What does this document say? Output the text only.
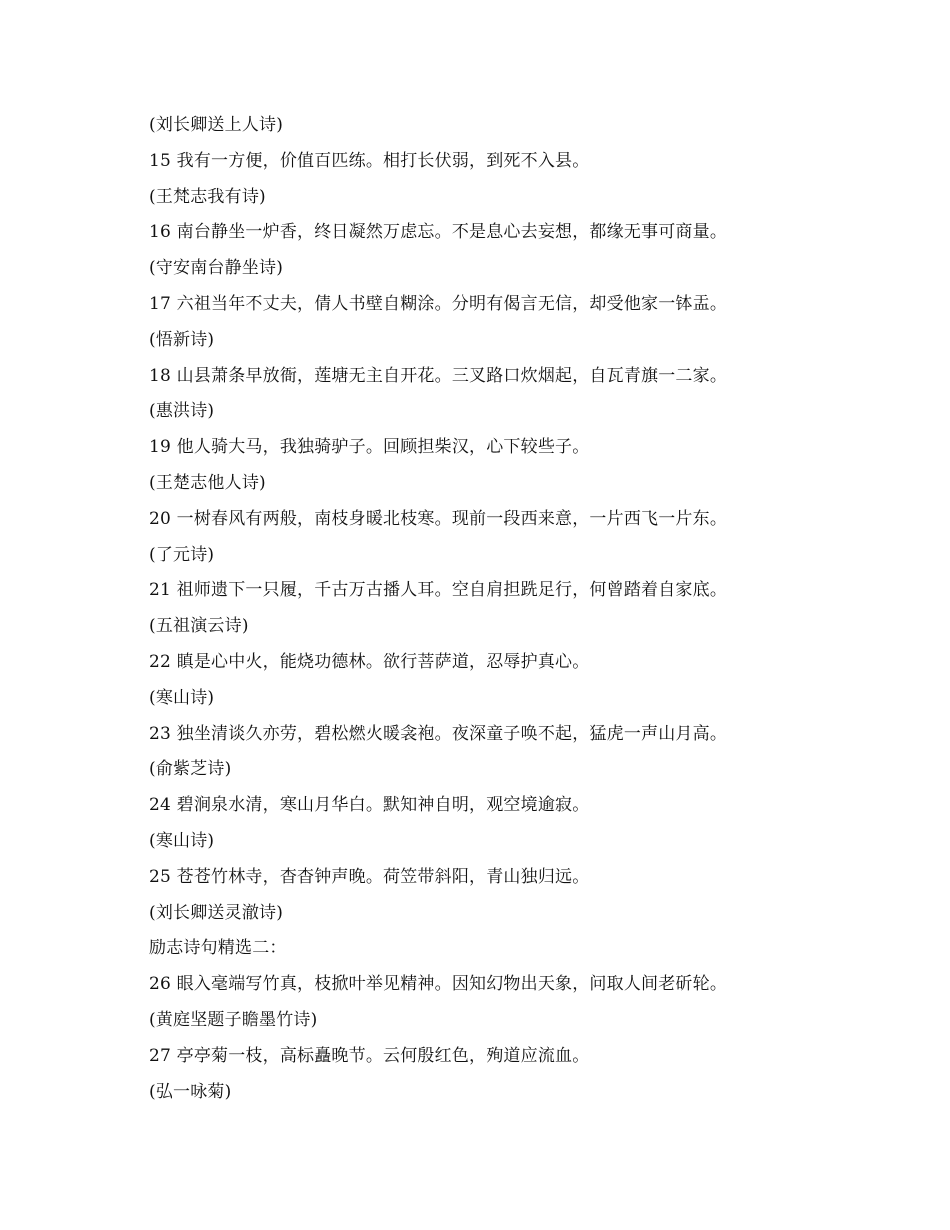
(刘长卿送上人诗)
15 我有一方便，价值百匹练。相打长伏弱，到死不入县。
(王梵志我有诗)
16 南台静坐一炉香，终日凝然万虑忘。不是息心去妄想，都缘无事可商量。
(守安南台静坐诗)
17 六祖当年不丈夫，倩人书壁自糊涂。分明有偈言无信，却受他家一钵盂。
(悟新诗)
18 山县萧条早放衙，莲塘无主自开花。三叉路口炊烟起，自瓦青旗一二家。
(惠洪诗)
19 他人骑大马，我独骑驴子。回顾担柴汉，心下较些子。
(王楚志他人诗)
20 一树春风有两般，南枝身暖北枝寒。现前一段西来意，一片西飞一片东。
(了元诗)
21 祖师遗下一只履，千古万古播人耳。空自肩担跣足行，何曾踏着自家底。
(五祖演云诗)
22 瞋是心中火，能烧功德林。欲行菩萨道，忍辱护真心。
(寒山诗)
23 独坐清谈久亦劳，碧松燃火暖衾袍。夜深童子唤不起，猛虎一声山月高。
(俞紫芝诗)
24 碧涧泉水清，寒山月华白。默知神自明，观空境逾寂。
(寒山诗)
25 苍苍竹林寺，杳杳钟声晚。荷笠带斜阳，青山独归远。
(刘长卿送灵澈诗)
励志诗句精选二：
26 眼入毫端写竹真，枝掀叶举见精神。因知幻物出天象，问取人间老斫轮。
(黄庭坚题子瞻墨竹诗)
27 亭亭菊一枝，高标矗晚节。云何殷红色，殉道应流血。
(弘一咏菊)
